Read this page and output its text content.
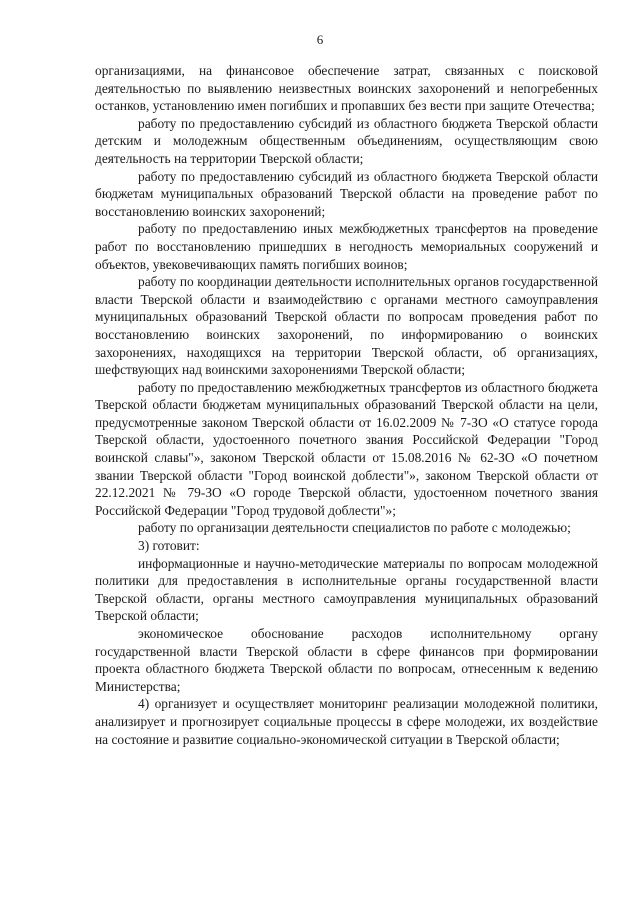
6

организациями, на финансовое обеспечение затрат, связанных с поисковой деятельностью по выявлению неизвестных воинских захоронений и непогребенных останков, установлению имен погибших и пропавших без вести при защите Отечества;

работу по предоставлению субсидий из областного бюджета Тверской области детским и молодежным общественным объединениям, осуществляющим свою деятельность на территории Тверской области;

работу по предоставлению субсидий из областного бюджета Тверской области бюджетам муниципальных образований Тверской области на проведение работ по восстановлению воинских захоронений;

работу по предоставлению иных межбюджетных трансфертов на проведение работ по восстановлению пришедших в негодность мемориальных сооружений и объектов, увековечивающих память погибших воинов;

работу по координации деятельности исполнительных органов государственной власти Тверской области и взаимодействию с органами местного самоуправления муниципальных образований Тверской области по вопросам проведения работ по восстановлению воинских захоронений, по информированию о воинских захоронениях, находящихся на территории Тверской области, об организациях, шефствующих над воинскими захоронениями Тверской области;

работу по предоставлению межбюджетных трансфертов из областного бюджета Тверской области бюджетам муниципальных образований Тверской области на цели, предусмотренные законом Тверской области от 16.02.2009 № 7-ЗО «О статусе города Тверской области, удостоенного почетного звания Российской Федерации "Город воинской славы"», законом Тверской области от 15.08.2016 № 62-ЗО «О почетном звании Тверской области "Город воинской доблести"», законом Тверской области от 22.12.2021 № 79-ЗО «О городе Тверской области, удостоенном почетного звания Российской Федерации "Город трудовой доблести"»;

работу по организации деятельности специалистов по работе с молодежью;

3) готовит:

информационные и научно-методические материалы по вопросам молодежной политики для предоставления в исполнительные органы государственной власти Тверской области, органы местного самоуправления муниципальных образований Тверской области;

экономическое обоснование расходов исполнительному органу государственной власти Тверской области в сфере финансов при формировании проекта областного бюджета Тверской области по вопросам, отнесенным к ведению Министерства;

4) организует и осуществляет мониторинг реализации молодежной политики, анализирует и прогнозирует социальные процессы в сфере молодежи, их воздействие на состояние и развитие социально-экономической ситуации в Тверской области;
